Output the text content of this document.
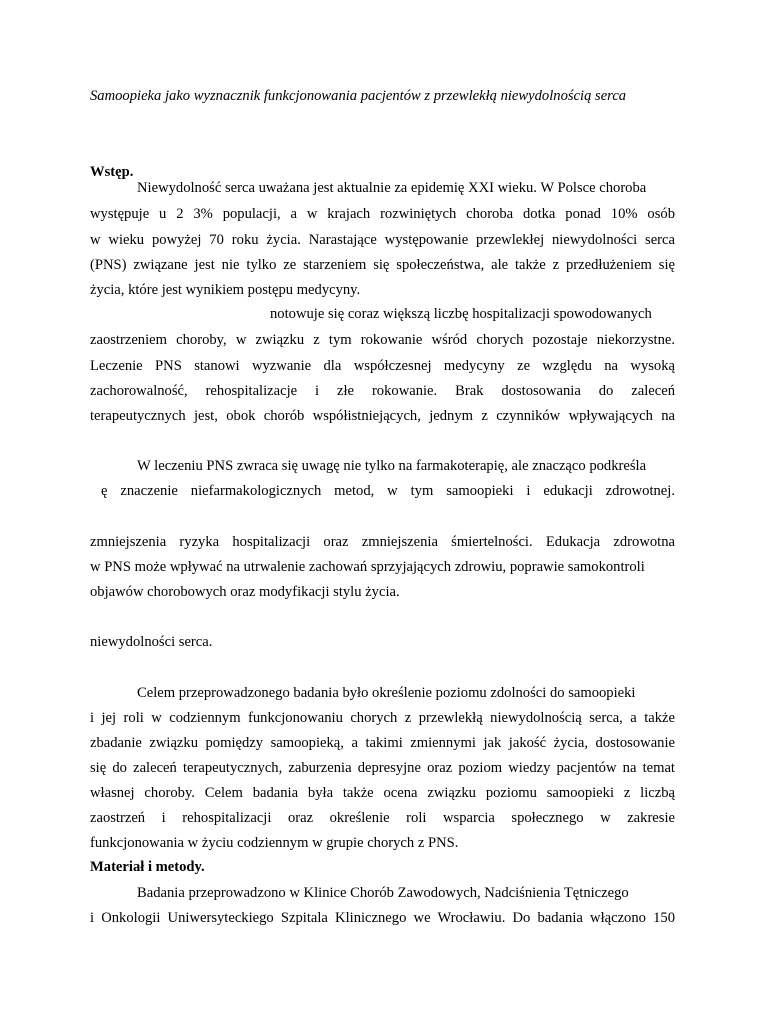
Samoopieka jako wyznacznik funkcjonowania pacjentów z przewlekłą niewydolnością serca
Wstęp.
Niewydolność serca uważana jest aktualnie za epidemię XXI wieku. W Polsce choroba
występuje u 2 3% populacji, a w krajach rozwiniętych choroba dotka ponad 10% osób
w wieku powyżej 70 roku życia. Narastające występowanie przewlekłej niewydolności serca
(PNS) związane jest nie tylko ze starzeniem się społeczeństwa, ale także z przedłużeniem się
życia, które jest wynikiem postępu medycyny.
notowuje się coraz większą liczbę hospitalizacji spowodowanych
zaostrzeniem choroby, w związku z tym rokowanie wśród chorych pozostaje niekorzystne.
Leczenie PNS stanowi wyzwanie dla współczesnej medycyny ze względu na wysoką
zachorowalność, rehospitalizacje i złe rokowanie. Brak dostosowania do zaleceń
terapeutycznych jest, obok chorób współistniejących, jednym z czynników wpływających na
W leczeniu PNS zwraca się uwagę nie tylko na farmakoterapię, ale znacząco podkreśla
ę znaczenie niefarmakologicznych metod, w tym samoopieki i edukacji zdrowotnej.
zmniejszenia ryzyka hospitalizacji oraz zmniejszenia śmiertelności. Edukacja zdrowotna
w PNS może wpływać na utrwalenie zachowań sprzyjających zdrowiu, poprawie samokontroli
objawów chorobowych oraz modyfikacji stylu życia.
niewydolności serca.
Celem przeprowadzonego badania było określenie poziomu zdolności do samoopieki
i jej roli w codziennym funkcjonowaniu chorych z przewlekłą niewydolnością serca, a także
zbadanie związku pomiędzy samoopieką, a takimi zmiennymi jak jakość życia, dostosowanie
się do zaleceń terapeutycznych, zaburzenia depresyjne oraz poziom wiedzy pacjentów na temat
własnej choroby. Celem badania była także ocena związku poziomu samoopieki z liczbą
zaostrzeń i rehospitalizacji oraz określenie roli wsparcia społecznego w zakresie
funkcjonowania w życiu codziennym w grupie chorych z PNS.
Materiał i metody.
Badania przeprowadzono w Klinice Chorób Zawodowych, Nadciśnienia Tętniczego
i Onkologii Uniwersyteckiego Szpitala Klinicznego we Wrocławiu. Do badania włączono 150
